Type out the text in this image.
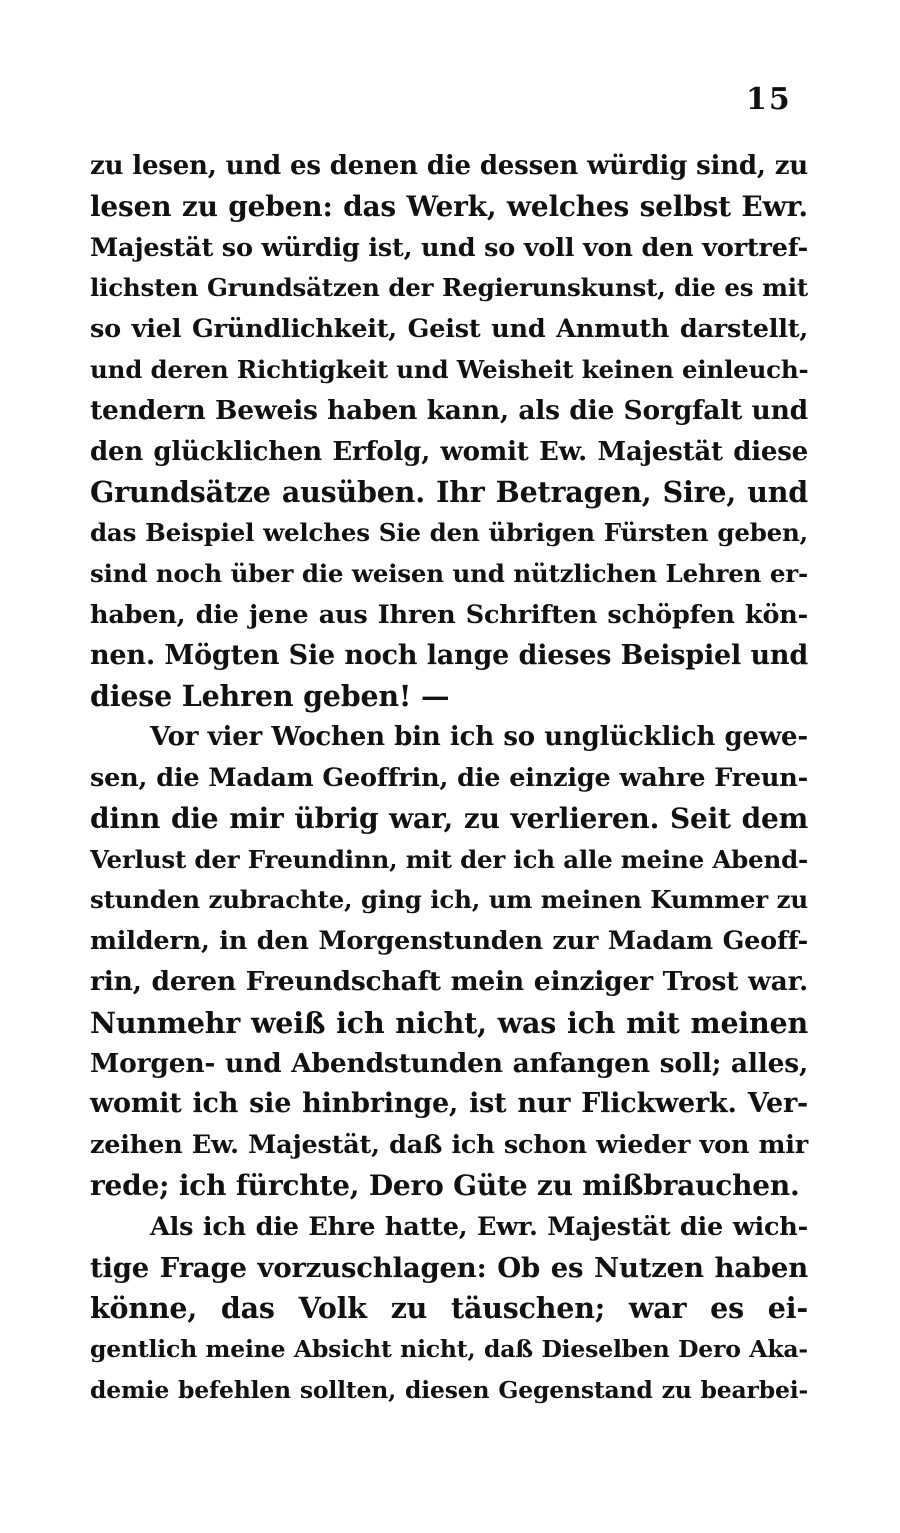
15
zu lesen, und es denen die dessen würdig sind, zu
lesen zu geben: das Werk, welches selbst Ewr.
Majestät so würdig ist, und so voll von den vortref-
lichsten Grundsätzen der Regierunskunst, die es mit
so viel Gründlichkeit, Geist und Anmuth darstellt,
und deren Richtigkeit und Weisheit keinen einleuch-
tendern Beweis haben kann, als die Sorgfalt und
den glücklichen Erfolg, womit Ew. Majestät diese
Grundsätze ausüben. Ihr Betragen, Sire, und
das Beispiel welches Sie den übrigen Fürsten geben,
sind noch über die weisen und nützlichen Lehren er-
haben, die jene aus Ihren Schriften schöpfen kön-
nen. Mögten Sie noch lange dieses Beispiel und
diese Lehren geben! —
Vor vier Wochen bin ich so unglücklich gewe-
sen, die Madam Geoffrin, die einzige wahre Freun-
dinn die mir übrig war, zu verlieren. Seit dem
Verlust der Freundinn, mit der ich alle meine Abend-
stunden zubrachte, ging ich, um meinen Kummer zu
mildern, in den Morgenstunden zur Madam Geoff-
rin, deren Freundschaft mein einziger Trost war.
Nunmehr weiß ich nicht, was ich mit meinen
Morgen- und Abendstunden anfangen soll; alles,
womit ich sie hinbringe, ist nur Flickwerk. Ver-
zeihen Ew. Majestät, daß ich schon wieder von mir
rede; ich fürchte, Dero Güte zu mißbrauchen.
Als ich die Ehre hatte, Ewr. Majestät die wich-
tige Frage vorzuschlagen: Ob es Nutzen haben
könne, das Volk zu täuschen; war es ei-
gentlich meine Absicht nicht, daß Dieselben Dero Aka-
demie befehlen sollten, diesen Gegenstand zu bearbei-
